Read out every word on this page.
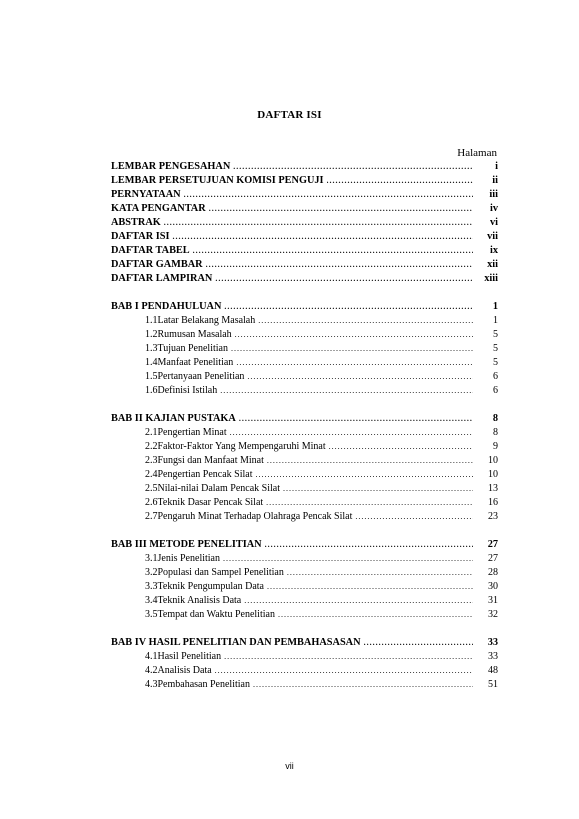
DAFTAR ISI
Halaman
LEMBAR PENGESAHAN .....	i
LEMBAR PERSETUJUAN KOMISI PENGUJI .....	ii
PERNYATAAN .....	iii
KATA PENGANTAR .....	iv
ABSTRAK .....	vi
DAFTAR ISI .....	vii
DAFTAR TABEL .....	ix
DAFTAR GAMBAR .....	xii
DAFTAR LAMPIRAN .....	xiii
BAB I PENDAHULUAN .....	1
1.1 Latar Belakang Masalah .....	1
1.2 Rumusan Masalah .....	5
1.3 Tujuan Penelitian .....	5
1.4 Manfaat Penelitian .....	5
1.5 Pertanyaan Penelitian .....	6
1.6 Definisi Istilah .....	6
BAB II KAJIAN PUSTAKA .....	8
2.1 Pengertian Minat .....	8
2.2 Faktor-Faktor Yang Mempengaruhi Minat .....	9
2.3 Fungsi dan Manfaat Minat .....	10
2.4 Pengertian Pencak Silat .....	10
2.5 Nilai-nilai Dalam Pencak Silat .....	13
2.6 Teknik Dasar Pencak Silat .....	16
2.7 Pengaruh Minat Terhadap Olahraga Pencak Silat .....	23
BAB III METODE PENELITIAN .....	27
3.1 Jenis Penelitian .....	27
3.2 Populasi dan Sampel Penelitian .....	28
3.3 Teknik Pengumpulan Data .....	30
3.4 Teknik Analisis Data .....	31
3.5 Tempat dan Waktu Penelitian .....	32
BAB IV HASIL PENELITIAN DAN PEMBAHASASAN .....	33
4.1 Hasil Penelitian .....	33
4.2 Analisis Data .....	48
4.3 Pembahasan Penelitian .....	51
vii
